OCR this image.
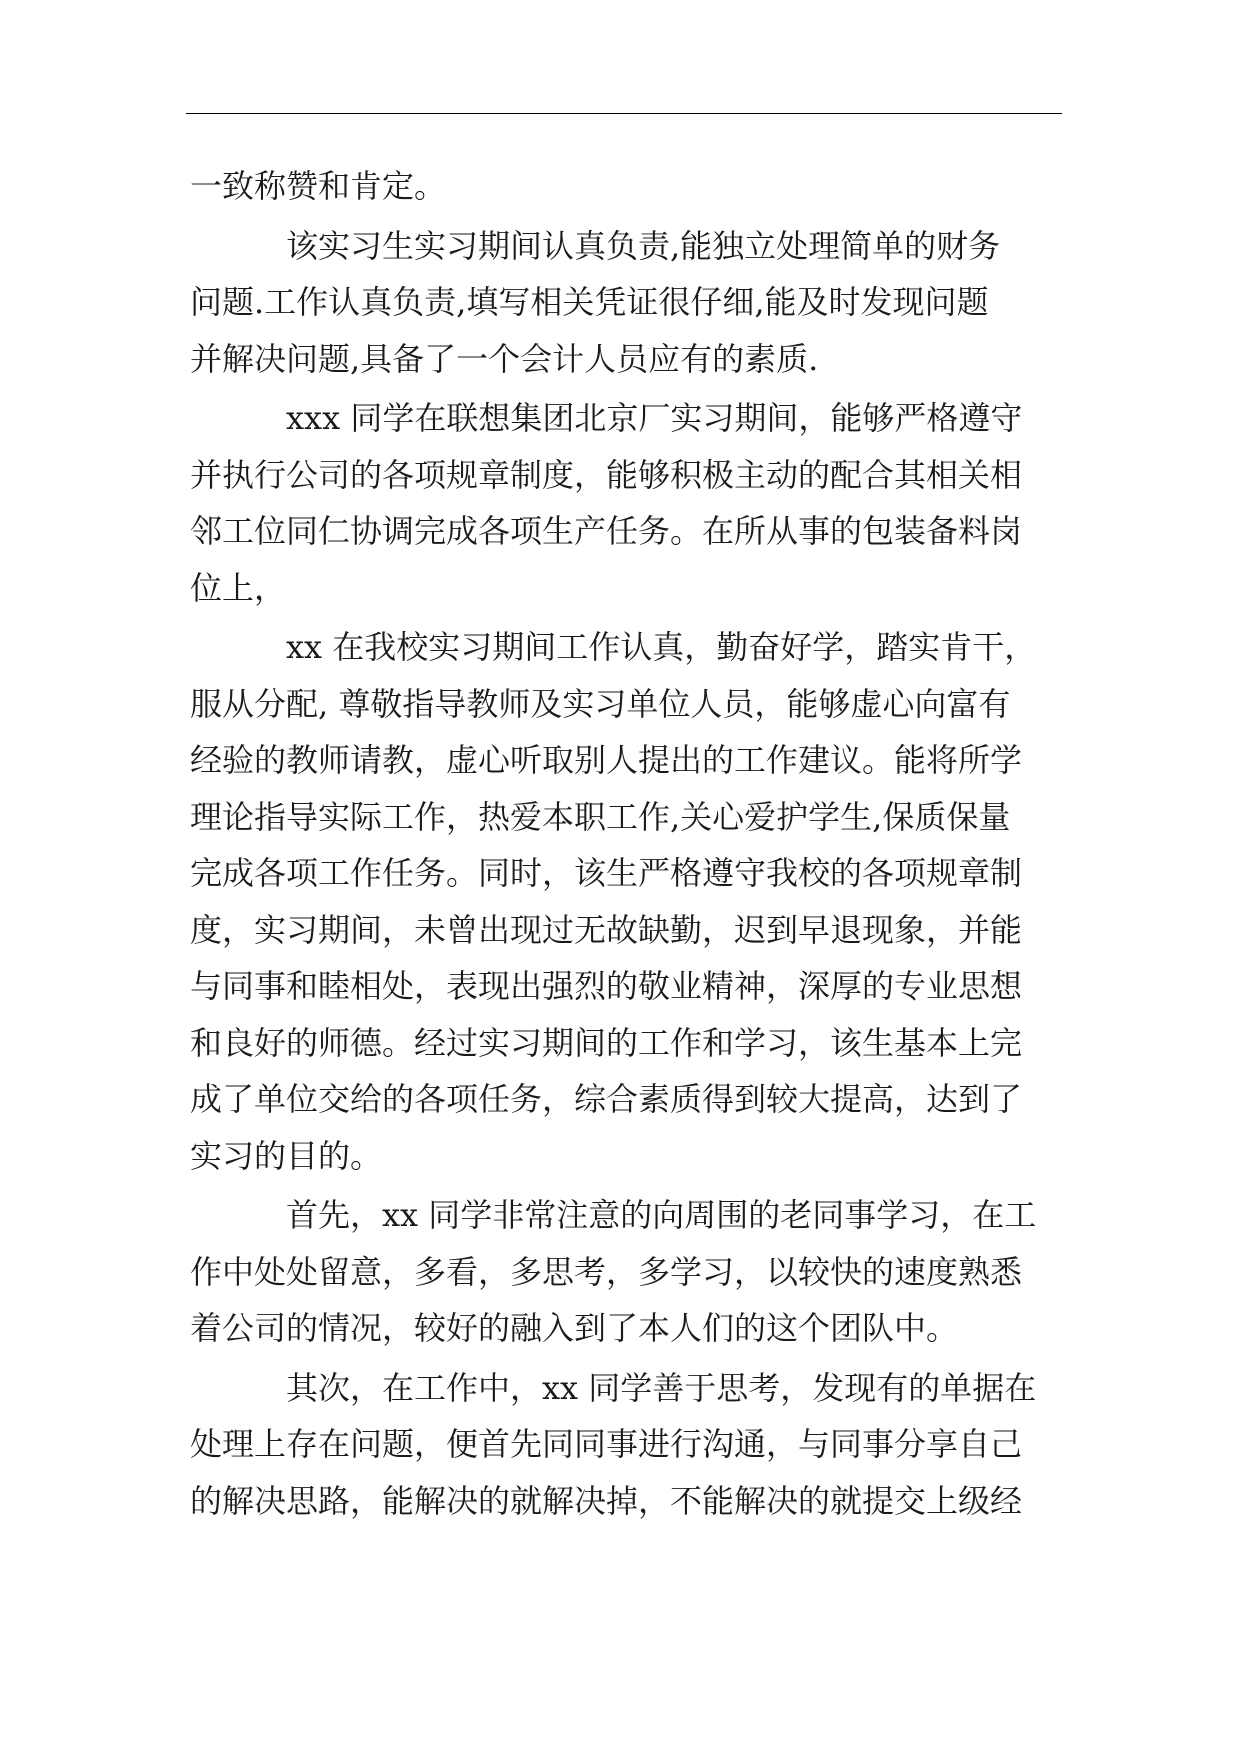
一致称赞和肯定。
该实习生实习期间认真负责,能独立处理简单的财务
问题.工作认真负责,填写相关凭证很仔细,能及时发现问题
并解决问题,具备了一个会计人员应有的素质.
xxx 同学在联想集团北京厂实习期间，能够严格遵守
并执行公司的各项规章制度，能够积极主动的配合其相关相
邻工位同仁协调完成各项生产任务。在所从事的包装备料岗
位上，
xx 在我校实习期间工作认真，勤奋好学，踏实肯干，
服从分配, 尊敬指导教师及实习单位人员，能够虚心向富有
经验的教师请教，虚心听取别人提出的工作建议。能将所学
理论指导实际工作，热爱本职工作,关心爱护学生,保质保量
完成各项工作任务。同时，该生严格遵守我校的各项规章制
度，实习期间，未曾出现过无故缺勤，迟到早退现象，并能
与同事和睦相处，表现出强烈的敬业精神，深厚的专业思想
和良好的师德。经过实习期间的工作和学习，该生基本上完
成了单位交给的各项任务，综合素质得到较大提高，达到了
实习的目的。
首先，xx 同学非常注意的向周围的老同事学习，在工
作中处处留意，多看，多思考，多学习，以较快的速度熟悉
着公司的情况，较好的融入到了本人们的这个团队中。
其次，在工作中，xx 同学善于思考，发现有的单据在
处理上存在问题，便首先同同事进行沟通，与同事分享自己
的解决思路，能解决的就解决掉，不能解决的就提交上级经
